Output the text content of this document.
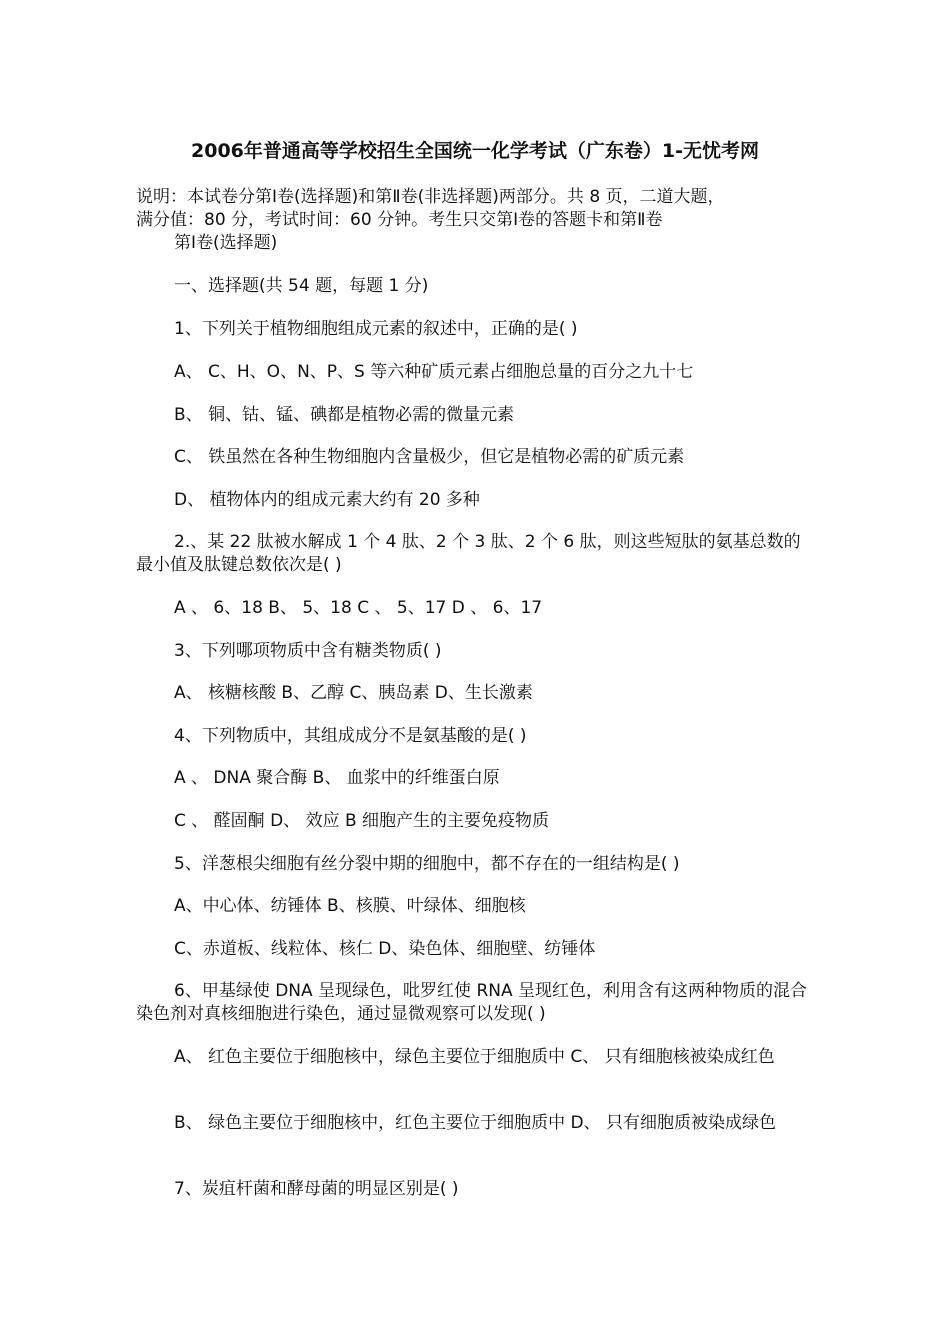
2006年普通高等学校招生全国统一化学考试（广东卷）1-无忧考网
说明：本试卷分第Ⅰ卷(选择题)和第Ⅱ卷(非选择题)两部分。共 8 页，二道大题，
满分值：80 分，考试时间：60 分钟。考生只交第Ⅰ卷的答题卡和第Ⅱ卷
第Ⅰ卷(选择题)
一、选择题(共 54 题，每题 1 分)
1、下列关于植物细胞组成元素的叙述中，正确的是( )
A、 C、H、O、N、P、S 等六种矿质元素占细胞总量的百分之九十七
B、 铜、钴、锰、碘都是植物必需的微量元素
C、 铁虽然在各种生物细胞内含量极少，但它是植物必需的矿质元素
D、 植物体内的组成元素大约有 20 多种
2.、某 22 肽被水解成 1 个 4 肽、2 个 3 肽、2 个 6 肽，则这些短肽的氨基总数的最小值及肽键总数依次是( )
A 、 6、18 B、 5、18 C 、 5、17 D 、 6、17
3、下列哪项物质中含有糖类物质( )
A、 核糖核酸 B、乙醇 C、胰岛素 D、生长激素
4、下列物质中，其组成成分不是氨基酸的是( )
A 、 DNA 聚合酶 B、 血浆中的纤维蛋白原
C 、 醛固酮 D、 效应 B 细胞产生的主要免疫物质
5、洋葱根尖细胞有丝分裂中期的细胞中，都不存在的一组结构是( )
A、中心体、纺锤体 B、核膜、叶绿体、细胞核
C、赤道板、线粒体、核仁 D、染色体、细胞壁、纺锤体
6、甲基绿使 DNA 呈现绿色，吡罗红使 RNA 呈现红色，利用含有这两种物质的混合染色剂对真核细胞进行染色，通过显微观察可以发现( )
A、 红色主要位于细胞核中，绿色主要位于细胞质中 C、 只有细胞核被染成红色
B、 绿色主要位于细胞核中，红色主要位于细胞质中 D、 只有细胞质被染成绿色
7、炭疽杆菌和酵母菌的明显区别是( )
